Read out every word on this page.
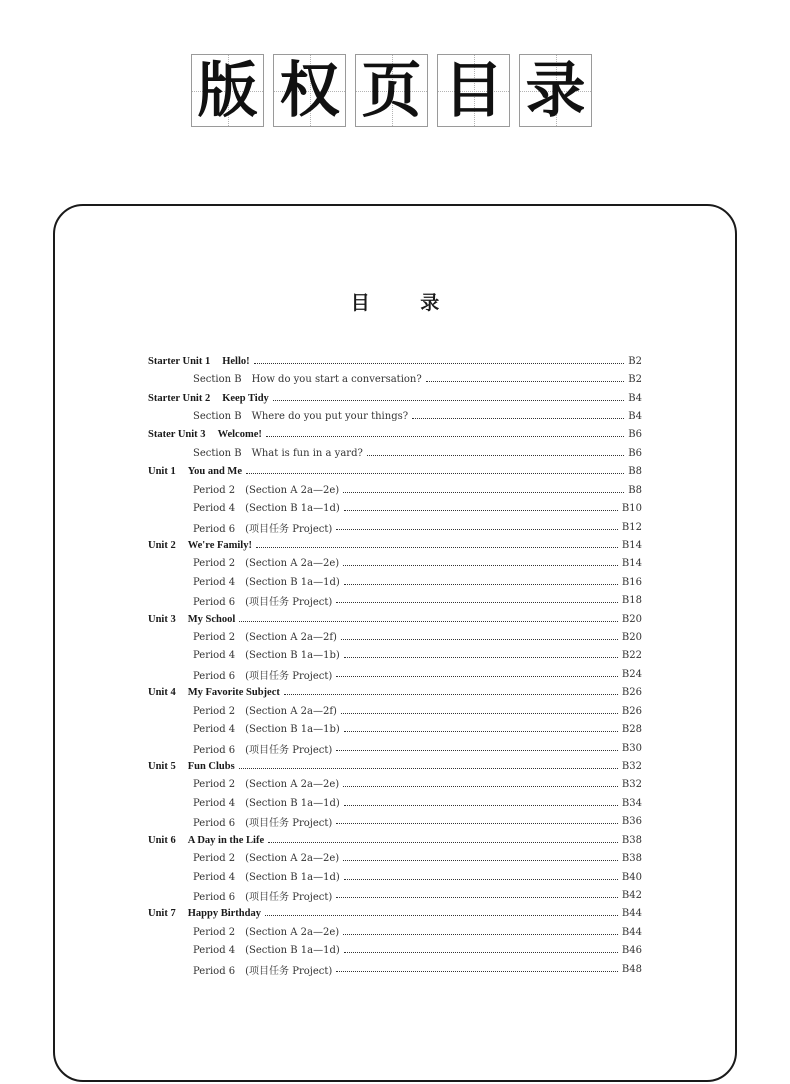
版 权 页 目 录
目 录
Starter Unit 1 Hello!	B2
Section B How do you start a conversation?	B2
Starter Unit 2 Keep Tidy	B4
Section B Where do you put your things?	B4
Stater Unit 3 Welcome!	B6
Section B What is fun in a yard?	B6
Unit 1 You and Me	B8
Period 2 (Section A 2a—2e)	B8
Period 4 (Section B 1a—1d)	B10
Period 6 (项目任务 Project)	B12
Unit 2 We're Family!	B14
Period 2 (Section A 2a—2e)	B14
Period 4 (Section B 1a—1d)	B16
Period 6 (项目任务 Project)	B18
Unit 3 My School	B20
Period 2 (Section A 2a—2f)	B20
Period 4 (Section B 1a—1b)	B22
Period 6 (项目任务 Project)	B24
Unit 4 My Favorite Subject	B26
Period 2 (Section A 2a—2f)	B26
Period 4 (Section B 1a—1b)	B28
Period 6 (项目任务 Project)	B30
Unit 5 Fun Clubs	B32
Period 2 (Section A 2a—2e)	B32
Period 4 (Section B 1a—1d)	B34
Period 6 (项目任务 Project)	B36
Unit 6 A Day in the Life	B38
Period 2 (Section A 2a—2e)	B38
Period 4 (Section B 1a—1d)	B40
Period 6 (项目任务 Project)	B42
Unit 7 Happy Birthday	B44
Period 2 (Section A 2a—2e)	B44
Period 4 (Section B 1a—1d)	B46
Period 6 (项目任务 Project)	B48
